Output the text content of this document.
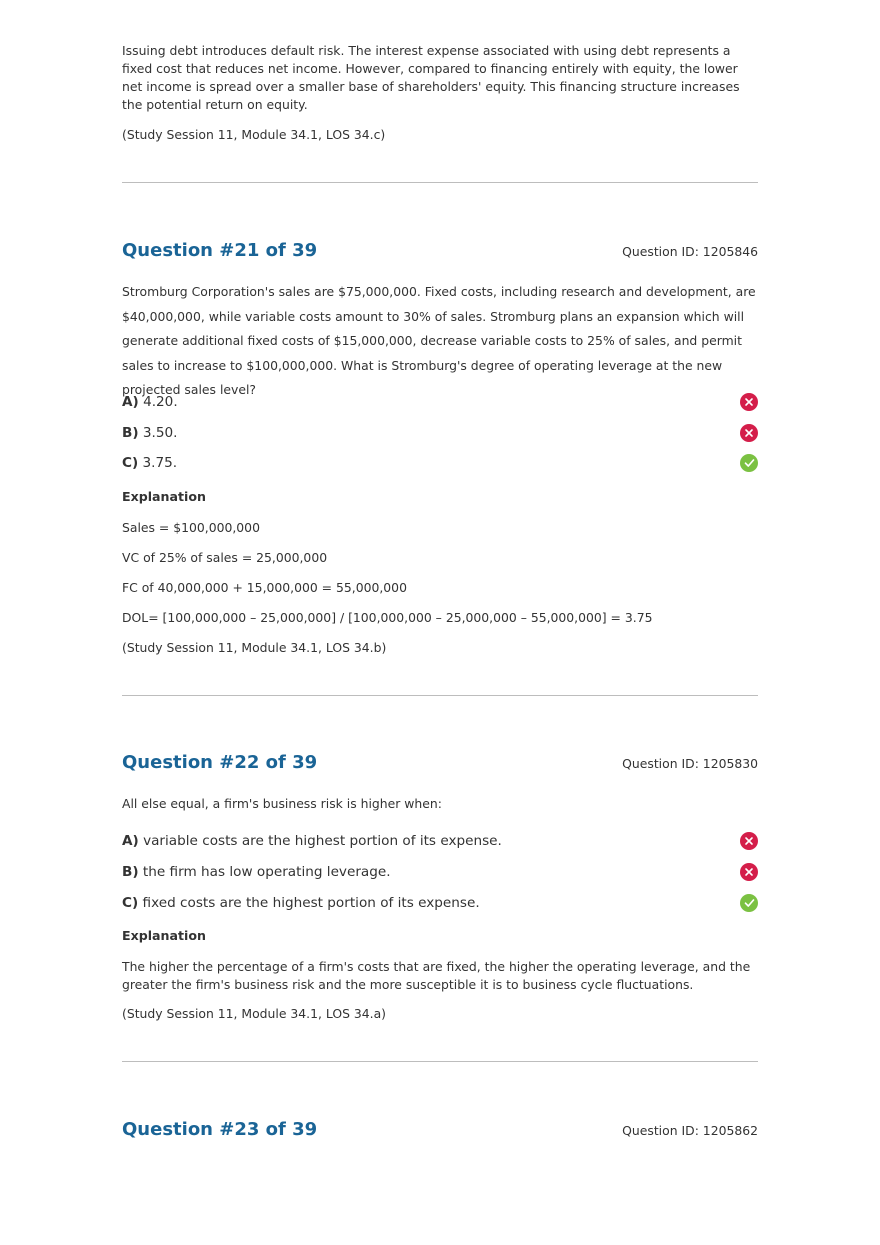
Issuing debt introduces default risk. The interest expense associated with using debt represents a fixed cost that reduces net income. However, compared to financing entirely with equity, the lower net income is spread over a smaller base of shareholders' equity. This financing structure increases the potential return on equity.

(Study Session 11, Module 34.1, LOS 34.c)

Question #21 of 39	Question ID: 1205846

Stromburg Corporation's sales are $75,000,000. Fixed costs, including research and development, are $40,000,000, while variable costs amount to 30% of sales. Stromburg plans an expansion which will generate additional fixed costs of $15,000,000, decrease variable costs to 25% of sales, and permit sales to increase to $100,000,000. What is Stromburg's degree of operating leverage at the new projected sales level?

A) 4.20.
B) 3.50.
C) 3.75.

Explanation

Sales = $100,000,000

VC of 25% of sales = 25,000,000

FC of 40,000,000 + 15,000,000 = 55,000,000

DOL= [100,000,000 – 25,000,000] / [100,000,000 – 25,000,000 – 55,000,000] = 3.75

(Study Session 11, Module 34.1, LOS 34.b)

Question #22 of 39	Question ID: 1205830

All else equal, a firm's business risk is higher when:

A) variable costs are the highest portion of its expense.
B) the firm has low operating leverage.
C) fixed costs are the highest portion of its expense.

Explanation

The higher the percentage of a firm's costs that are fixed, the higher the operating leverage, and the greater the firm's business risk and the more susceptible it is to business cycle fluctuations.

(Study Session 11, Module 34.1, LOS 34.a)

Question #23 of 39	Question ID: 1205862
